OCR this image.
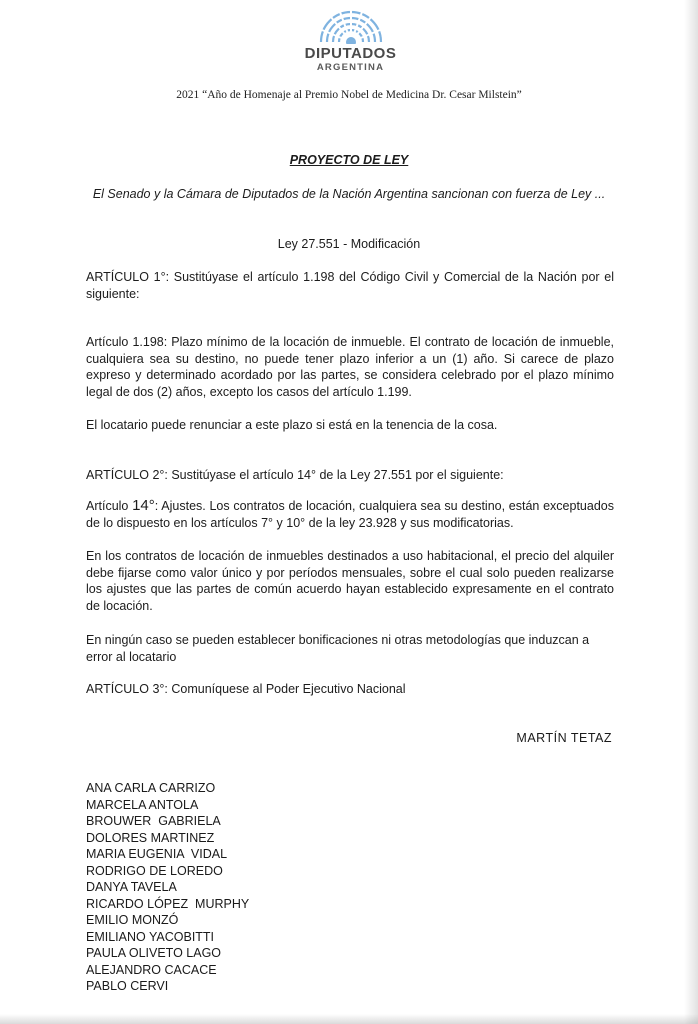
DIPUTADOS
ARGENTINA
2021 “Año de Homenaje al Premio Nobel de Medicina Dr. Cesar Milstein”
PROYECTO DE LEY
El Senado y la Cámara de Diputados de la Nación Argentina sancionan con fuerza de Ley ...
Ley 27.551 - Modificación
ARTÍCULO 1°: Sustitúyase el artículo 1.198 del Código Civil y Comercial de la Nación por el siguiente:
Artículo 1.198: Plazo mínimo de la locación de inmueble. El contrato de locación de inmueble, cualquiera sea su destino, no puede tener plazo inferior a un (1) año. Si carece de plazo expreso y determinado acordado por las partes, se considera celebrado por el plazo mínimo legal de dos (2) años, excepto los casos del artículo 1.199.
El locatario puede renunciar a este plazo si está en la tenencia de la cosa.
ARTÍCULO 2°: Sustitúyase el artículo 14° de la Ley 27.551 por el siguiente:
Artículo 14°: Ajustes. Los contratos de locación, cualquiera sea su destino, están exceptuados de lo dispuesto en los artículos 7° y 10° de la ley 23.928 y sus modificatorias.
En los contratos de locación de inmuebles destinados a uso habitacional, el precio del alquiler debe fijarse como valor único y por períodos mensuales, sobre el cual solo pueden realizarse los ajustes que las partes de común acuerdo hayan establecido expresamente en el contrato de locación.
En ningún caso se pueden establecer bonificaciones ni otras metodologías que induzcan a error al locatario
ARTÍCULO 3°: Comuníquese al Poder Ejecutivo Nacional
MARTÍN TETAZ
ANA CARLA CARRIZO
MARCELA ANTOLA
BROUWER  GABRIELA
DOLORES MARTINEZ
MARIA EUGENIA  VIDAL
RODRIGO DE LOREDO
DANYA TAVELA
RICARDO LÓPEZ  MURPHY
EMILIO MONZÓ
EMILIANO YACOBITTI
PAULA OLIVETO LAGO
ALEJANDRO CACACE
PABLO CERVI
